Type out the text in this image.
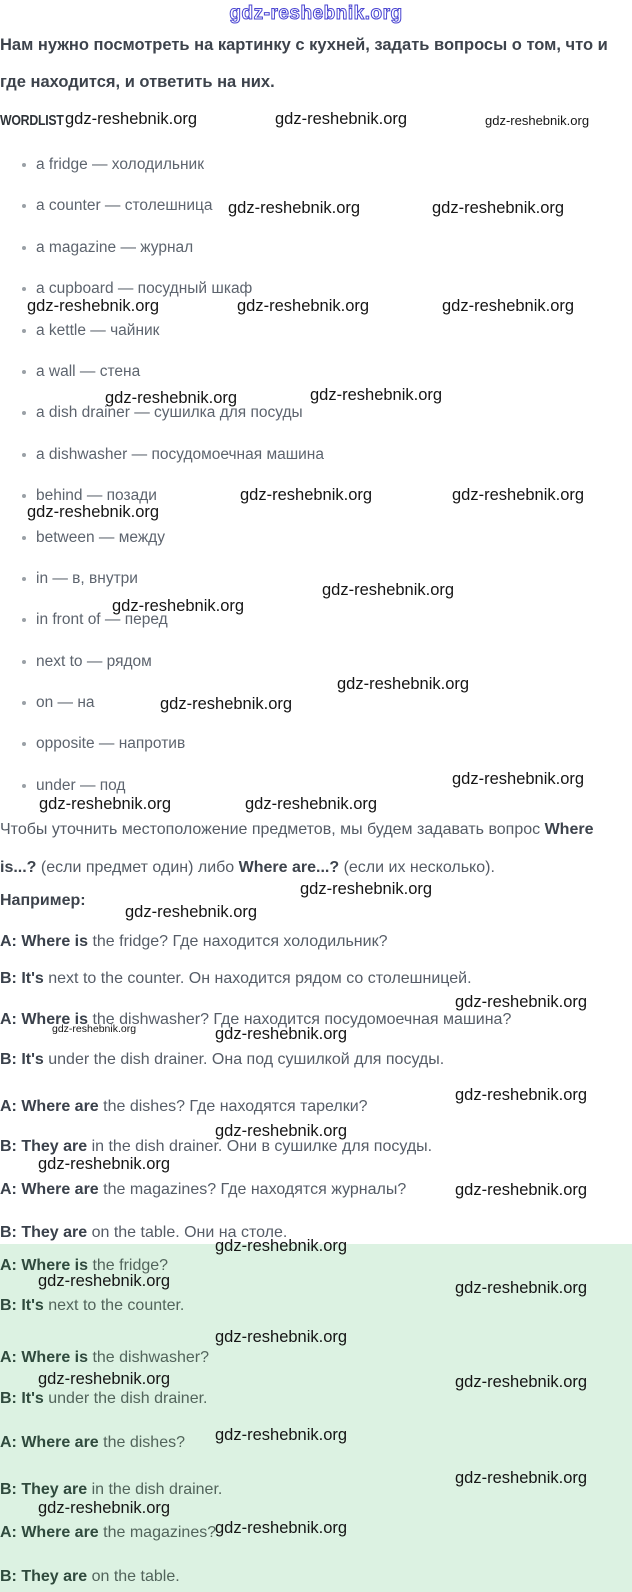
gdz-reshebnik.org
Нам нужно посмотреть на картинку с кухней, задать вопросы о том, что и где находится, и ответить на них.
WORDLIST
a fridge — холодильник
a counter — столешница
a magazine — журнал
a cupboard — посудный шкаф
a kettle — чайник
a wall — стена
a dish drainer — сушилка для посуды
a dishwasher — посудомоечная машина
behind — позади
between — между
in — в, внутри
in front of — перед
next to — рядом
on — на
opposite — напротив
under — под
Чтобы уточнить местоположение предметов, мы будем задавать вопрос Where is...? (если предмет один) либо Where are...? (если их несколько).
Например:
A: Where is the fridge? Где находится холодильник?
B: It's next to the counter. Он находится рядом со столешницей.
A: Where is the dishwasher? Где находится посудомоечная машина?
B: It's under the dish drainer. Она под сушилкой для посуды.
A: Where are the dishes? Где находятся тарелки?
B: They are in the dish drainer. Они в сушилке для посуды.
A: Where are the magazines? Где находятся журналы?
B: They are on the table. Они на столе.
A: Where is the fridge?
B: It's next to the counter.
A: Where is the dishwasher?
B: It's under the dish drainer.
A: Where are the dishes?
B: They are in the dish drainer.
A: Where are the magazines?
B: They are on the table.
gdz-reshebnik.org	gdz-reshebnik.org	gdz-reshebnik.org
gdz-reshebnik.org	gdz-reshebnik.org
gdz-reshebnik.org	gdz-reshebnik.org	gdz-reshebnik.org
gdz-reshebnik.org	gdz-reshebnik.org
gdz-reshebnik.org	gdz-reshebnik.org
gdz-reshebnik.org
gdz-reshebnik.org
gdz-reshebnik.org
gdz-reshebnik.org
gdz-reshebnik.org
gdz-reshebnik.org
gdz-reshebnik.org	gdz-reshebnik.org
gdz-reshebnik.org
gdz-reshebnik.org
gdz-reshebnik.org
gdz-reshebnik.org	gdz-reshebnik.org
gdz-reshebnik.org
gdz-reshebnik.org
gdz-reshebnik.org
gdz-reshebnik.org
gdz-reshebnik.org
gdz-reshebnik.org	gdz-reshebnik.org
gdz-reshebnik.org
gdz-reshebnik.org	gdz-reshebnik.org
gdz-reshebnik.org
gdz-reshebnik.org
gdz-reshebnik.org
gdz-reshebnik.org
